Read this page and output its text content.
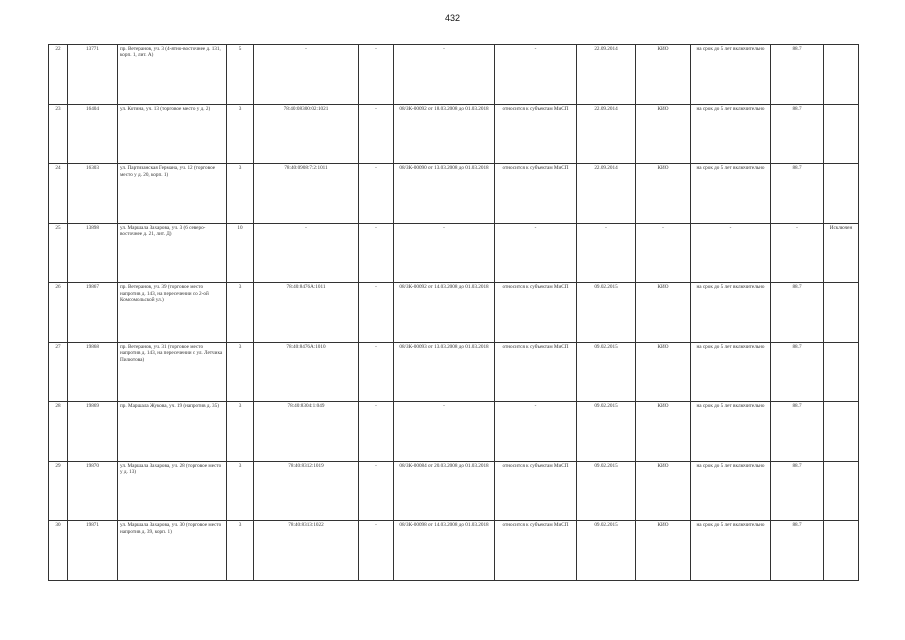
432
22	13771	пр. Ветеранов, уч. 3 (4-ятно-восточнее д. 131, корп. 1, лит. А)	5	-	-	-	-	22.09.2014	КИО	на срок до 5 лет включительно	88.7	
23	16404	ул. Котина, уч. 13 (торговое место у д. 2)	3	78:40:08300:02:1021	-	08/ЗК-00092 от 18.03.2008 до 01.03.2018	относится к субъектам МиСП	22.09.2014	КИО	на срок до 5 лет включительно	88.7	
24	16303	ул. Партизанская Германа, уч. 12 (торговое место у д. 20, корп. 1)	3	78:40:0908:7:2:1011	-	08/ЗК-00090 от 13.03.2008 до 01.03.2018	относится к субъектам МиСП	22.09.2014	КИО	на срок до 5 лет включительно	88.7	
25	13898	ул. Маршала Захарова, уч. 3 (6 северо-восточнее д. 21, лит. Д)	10	-	-	-	-	-	-	-	-	Исключен
26	19867	пр. Ветеранов, уч. 39 (торговое место напротив д. 143, на пересечении со 2-ой Комсомольской ул.)	3	78:40:8476А:1011	-	08/ЗК-00092 от 14.03.2008 до 01.03.2018	относится к субъектам МиСП	09.02.2015	КИО	на срок до 5 лет включительно	88.7	
27	19868	пр. Ветеранов, уч. 31 (торговое место напротив д. 143, на пересечении с ул. Летчика Пилютова)	3	78:40:8476А:1010	-	08/ЗК-00093 от 13.03.2008 до 01.03.2018	относится к субъектам МиСП	09.02.2015	КИО	на срок до 5 лет включительно	88.7	
28	19869	пр. Маршала Жукова, уч. 19 (напротив д. 35)	3	78:40:8304:1:049	-	-	-	09.02.2015	КИО	на срок до 5 лет включительно	88.7	
29	19870	ул. Маршала Захарова, уч. 28 (торговое место у д. 13)	3	78:40:8312:1019	-	08/ЗК-00084 от 20.03.2008 до 01.03.2018	относится к субъектам МиСП	09.02.2015	КИО	на срок до 5 лет включительно	88.7	
30	19871	ул. Маршала Захарова, уч. 30 (торговое место напротив д. 39, корп. 1)	3	78:40:8313:1022	-	08/ЗК-00098 от 14.03.2008 до 01.03.2018	относится к субъектам МиСП	09.02.2015	КИО	на срок до 5 лет включительно	88.7	
